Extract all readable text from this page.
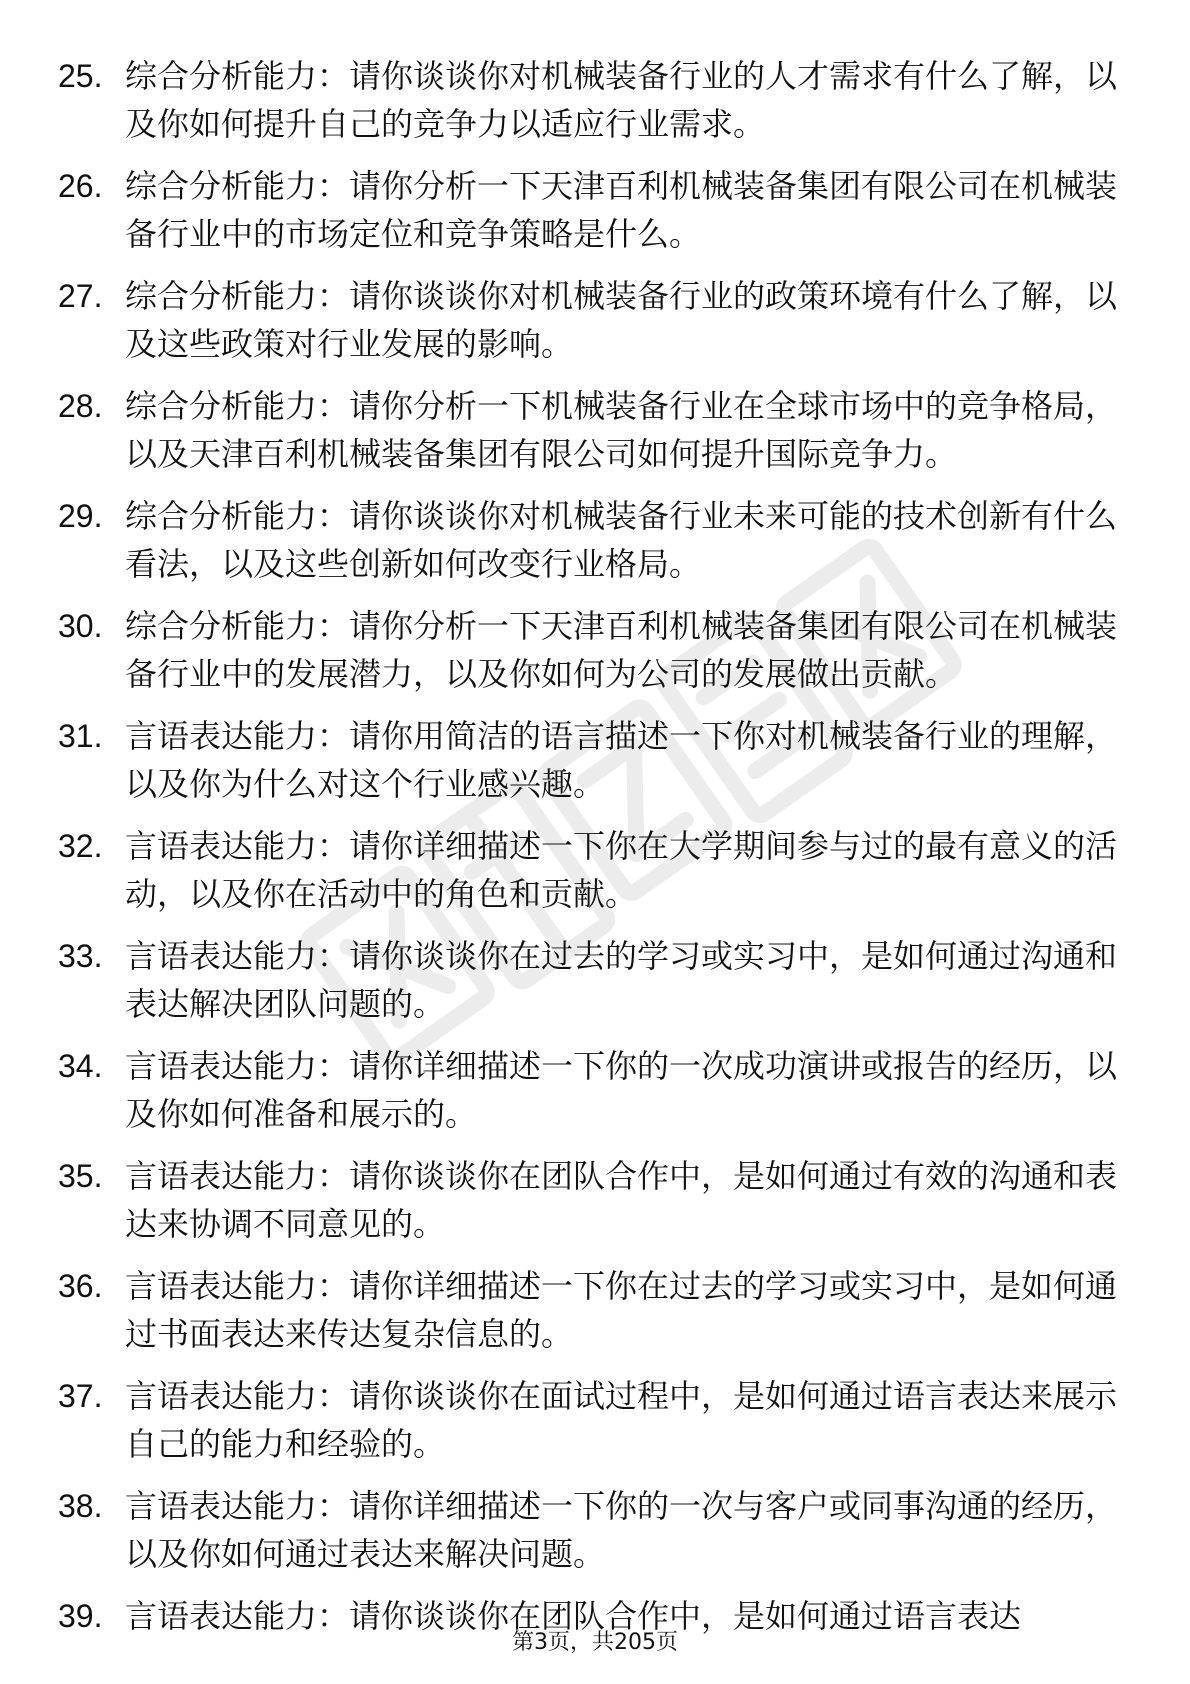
25. 综合分析能力：请你谈谈你对机械装备行业的人才需求有什么了解，以及你如何提升自己的竞争力以适应行业需求。
26. 综合分析能力：请你分析一下天津百利机械装备集团有限公司在机械装备行业中的市场定位和竞争策略是什么。
27. 综合分析能力：请你谈谈你对机械装备行业的政策环境有什么了解，以及这些政策对行业发展的影响。
28. 综合分析能力：请你分析一下机械装备行业在全球市场中的竞争格局，以及天津百利机械装备集团有限公司如何提升国际竞争力。
29. 综合分析能力：请你谈谈你对机械装备行业未来可能的技术创新有什么看法，以及这些创新如何改变行业格局。
30. 综合分析能力：请你分析一下天津百利机械装备集团有限公司在机械装备行业中的发展潜力，以及你如何为公司的发展做出贡献。
31. 言语表达能力：请你用简洁的语言描述一下你对机械装备行业的理解，以及你为什么对这个行业感兴趣。
32. 言语表达能力：请你详细描述一下你在大学期间参与过的最有意义的活动，以及你在活动中的角色和贡献。
33. 言语表达能力：请你谈谈你在过去的学习或实习中，是如何通过沟通和表达解决团队问题的。
34. 言语表达能力：请你详细描述一下你的一次成功演讲或报告的经历，以及你如何准备和展示的。
35. 言语表达能力：请你谈谈你在团队合作中，是如何通过有效的沟通和表达来协调不同意见的。
36. 言语表达能力：请你详细描述一下你在过去的学习或实习中，是如何通过书面表达来传达复杂信息的。
37. 言语表达能力：请你谈谈你在面试过程中，是如何通过语言表达来展示自己的能力和经验的。
38. 言语表达能力：请你详细描述一下你的一次与客户或同事沟通的经历，以及你如何通过表达来解决问题。
39. 言语表达能力：请你谈谈你在团队合作中，是如何通过语言表达
第3页，共205页
